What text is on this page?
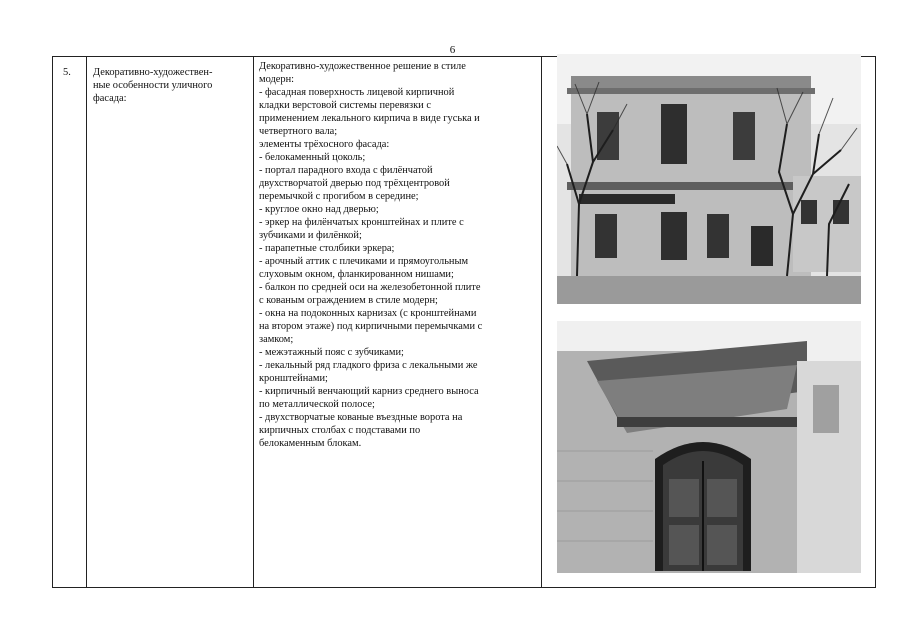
6
5.	Декоративно-художествен-
ные особенности уличного
фасада:

Декоративно-художественное решение в стиле

модерн:

- фасадная поверхность лицевой кирпичной

кладки верстовой системы перевязки с

применением лекального кирпича в виде гуська и

четвертного вала;

элементы трёхосного фасада:

- белокаменный цоколь;

- портал парадного входа с филёнчатой

двухстворчатой дверью под трёхцентровой

перемычкой с прогибом в середине;

- круглое окно над дверью;

- эркер на филёнчатых кронштейнах и плите с

зубчиками и филёнкой;

- парапетные столбики эркера;

- арочный аттик с плечиками и прямоугольным

слуховым окном, фланкированном нишами;

- балкон по средней оси на железобетонной плите

с кованым ограждением в стиле модерн;

- окна на подоконных карнизах (с кронштейнами

на втором этаже) под кирпичными перемычками с

замком;

- межэтажный пояс с зубчиками;

- лекальный ряд гладкого фриза с лекальными же

кронштейнами;

- кирпичный венчающий карниз среднего выноса

по металлической полосе;

- двухстворчатые кованые въездные ворота на

кирпичных столбах с подставами по

белокаменным блокам.
